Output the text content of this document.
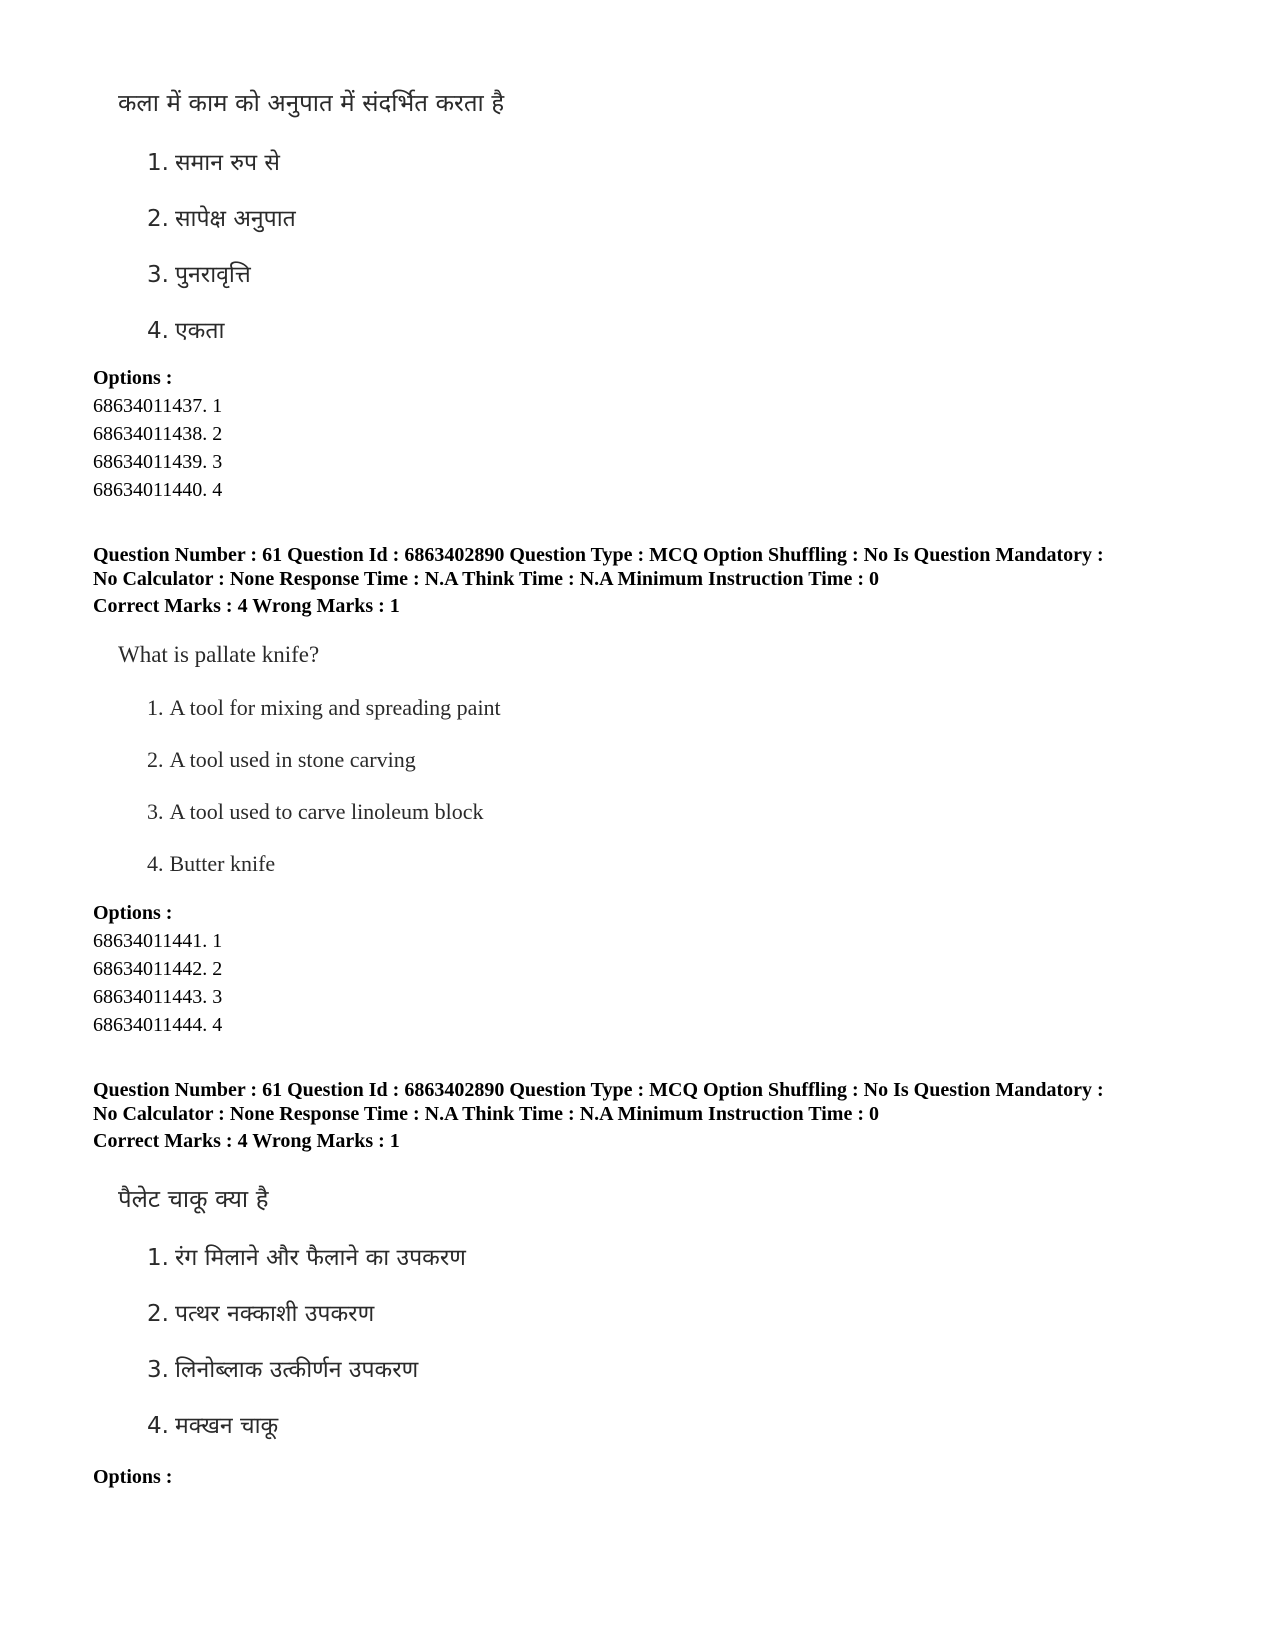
कला में काम को अनुपात में संदर्भित करता है
1. समान रुप से
2. सापेक्ष अनुपात
3. पुनरावृत्ति
4. एकता
Options :
68634011437. 1
68634011438. 2
68634011439. 3
68634011440. 4
Question Number : 61 Question Id : 6863402890 Question Type : MCQ Option Shuffling : No Is Question Mandatory :
No Calculator : None Response Time : N.A Think Time : N.A Minimum Instruction Time : 0
Correct Marks : 4 Wrong Marks : 1
What is pallate knife?
1. A tool for mixing and spreading paint
2. A tool used in stone carving
3. A tool used to carve linoleum block
4. Butter knife
Options :
68634011441. 1
68634011442. 2
68634011443. 3
68634011444. 4
Question Number : 61 Question Id : 6863402890 Question Type : MCQ Option Shuffling : No Is Question Mandatory :
No Calculator : None Response Time : N.A Think Time : N.A Minimum Instruction Time : 0
Correct Marks : 4 Wrong Marks : 1
पैलेट चाकू क्या है
1. रंग मिलाने और फैलाने का उपकरण
2. पत्थर नक्काशी उपकरण
3. लिनोब्लाक उत्कीर्णन उपकरण
4. मक्खन चाकू
Options :
